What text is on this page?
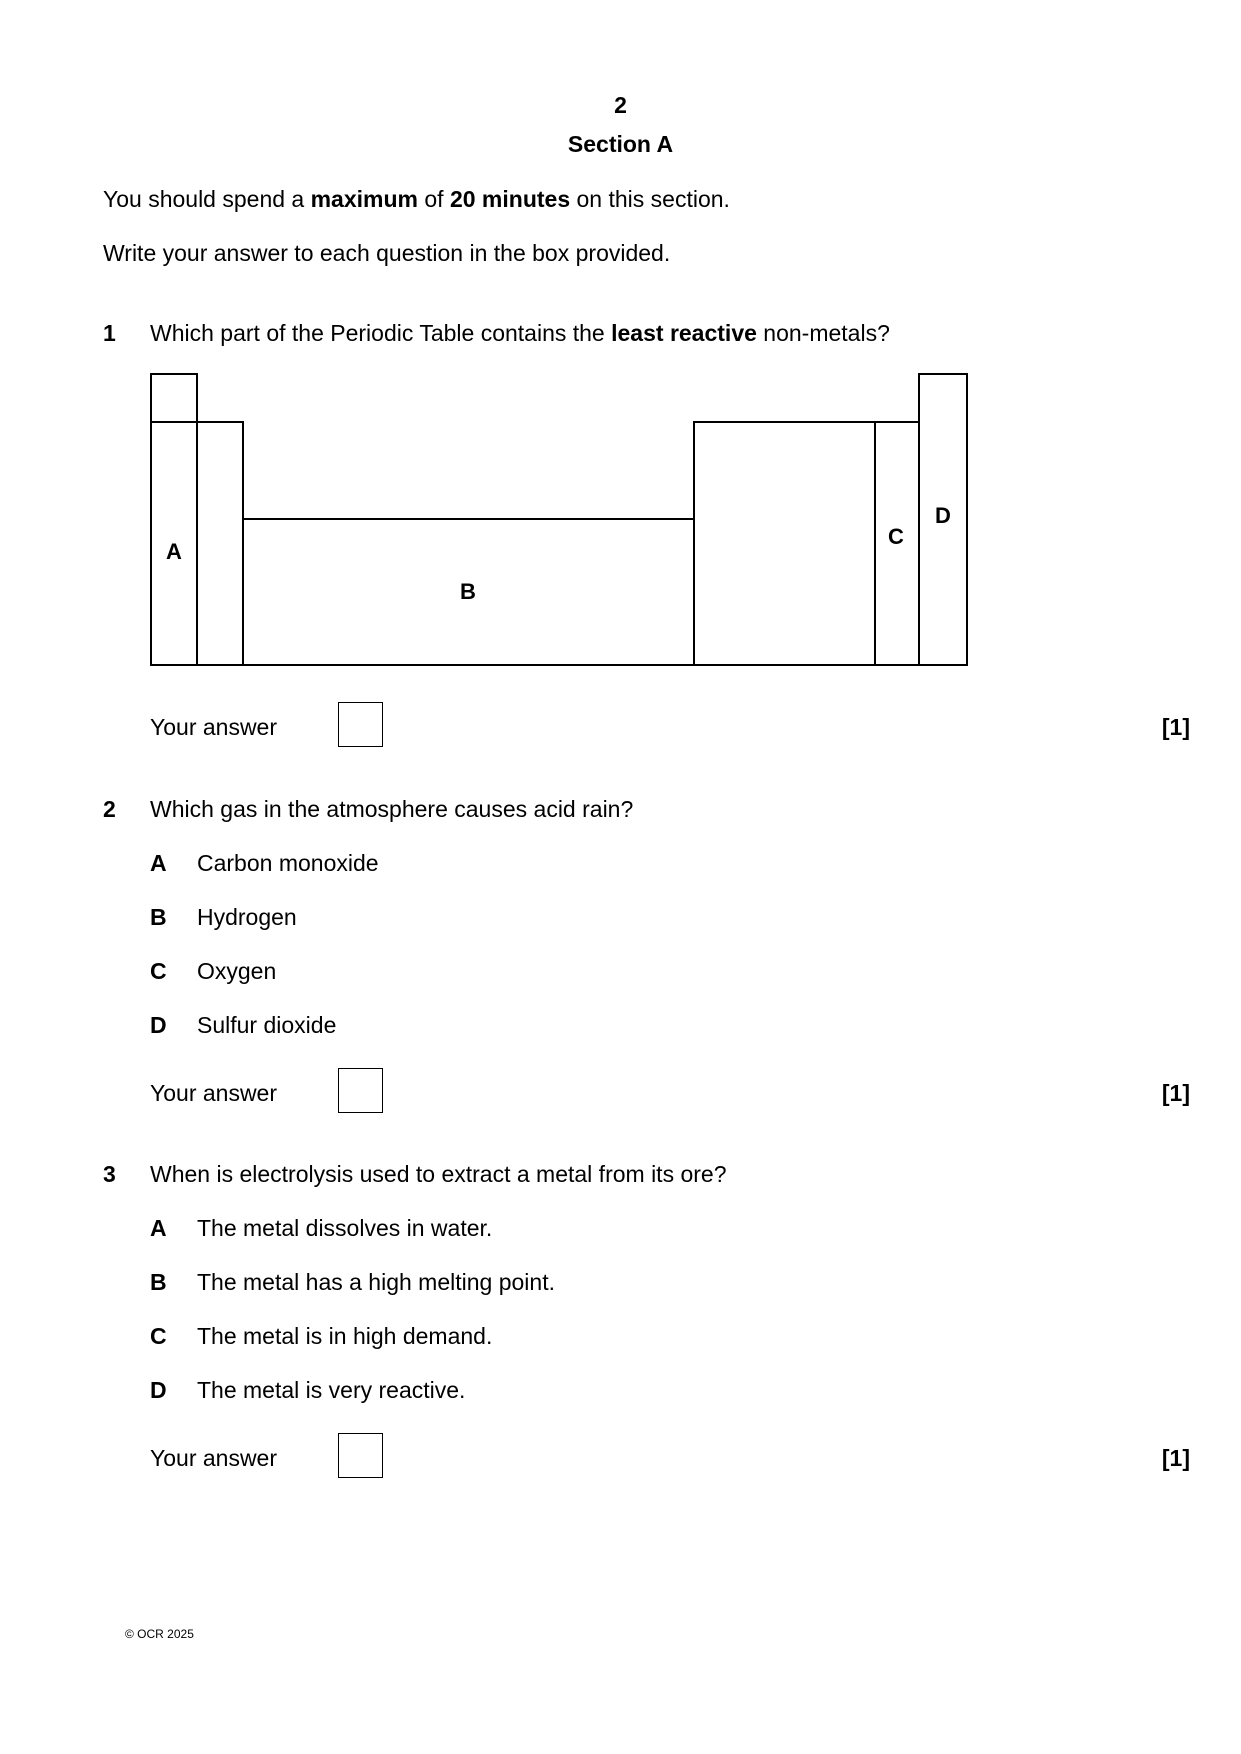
2
Section A
You should spend a maximum of 20 minutes on this section.
Write your answer to each question in the box provided.
1 Which part of the Periodic Table contains the least reactive non-metals?
A
B
C
D
Your answer	[1]
2 Which gas in the atmosphere causes acid rain?
A Carbon monoxide
B Hydrogen
C Oxygen
D Sulfur dioxide
Your answer	[1]
3 When is electrolysis used to extract a metal from its ore?
A The metal dissolves in water.
B The metal has a high melting point.
C The metal is in high demand.
D The metal is very reactive.
Your answer	[1]
© OCR 2025
